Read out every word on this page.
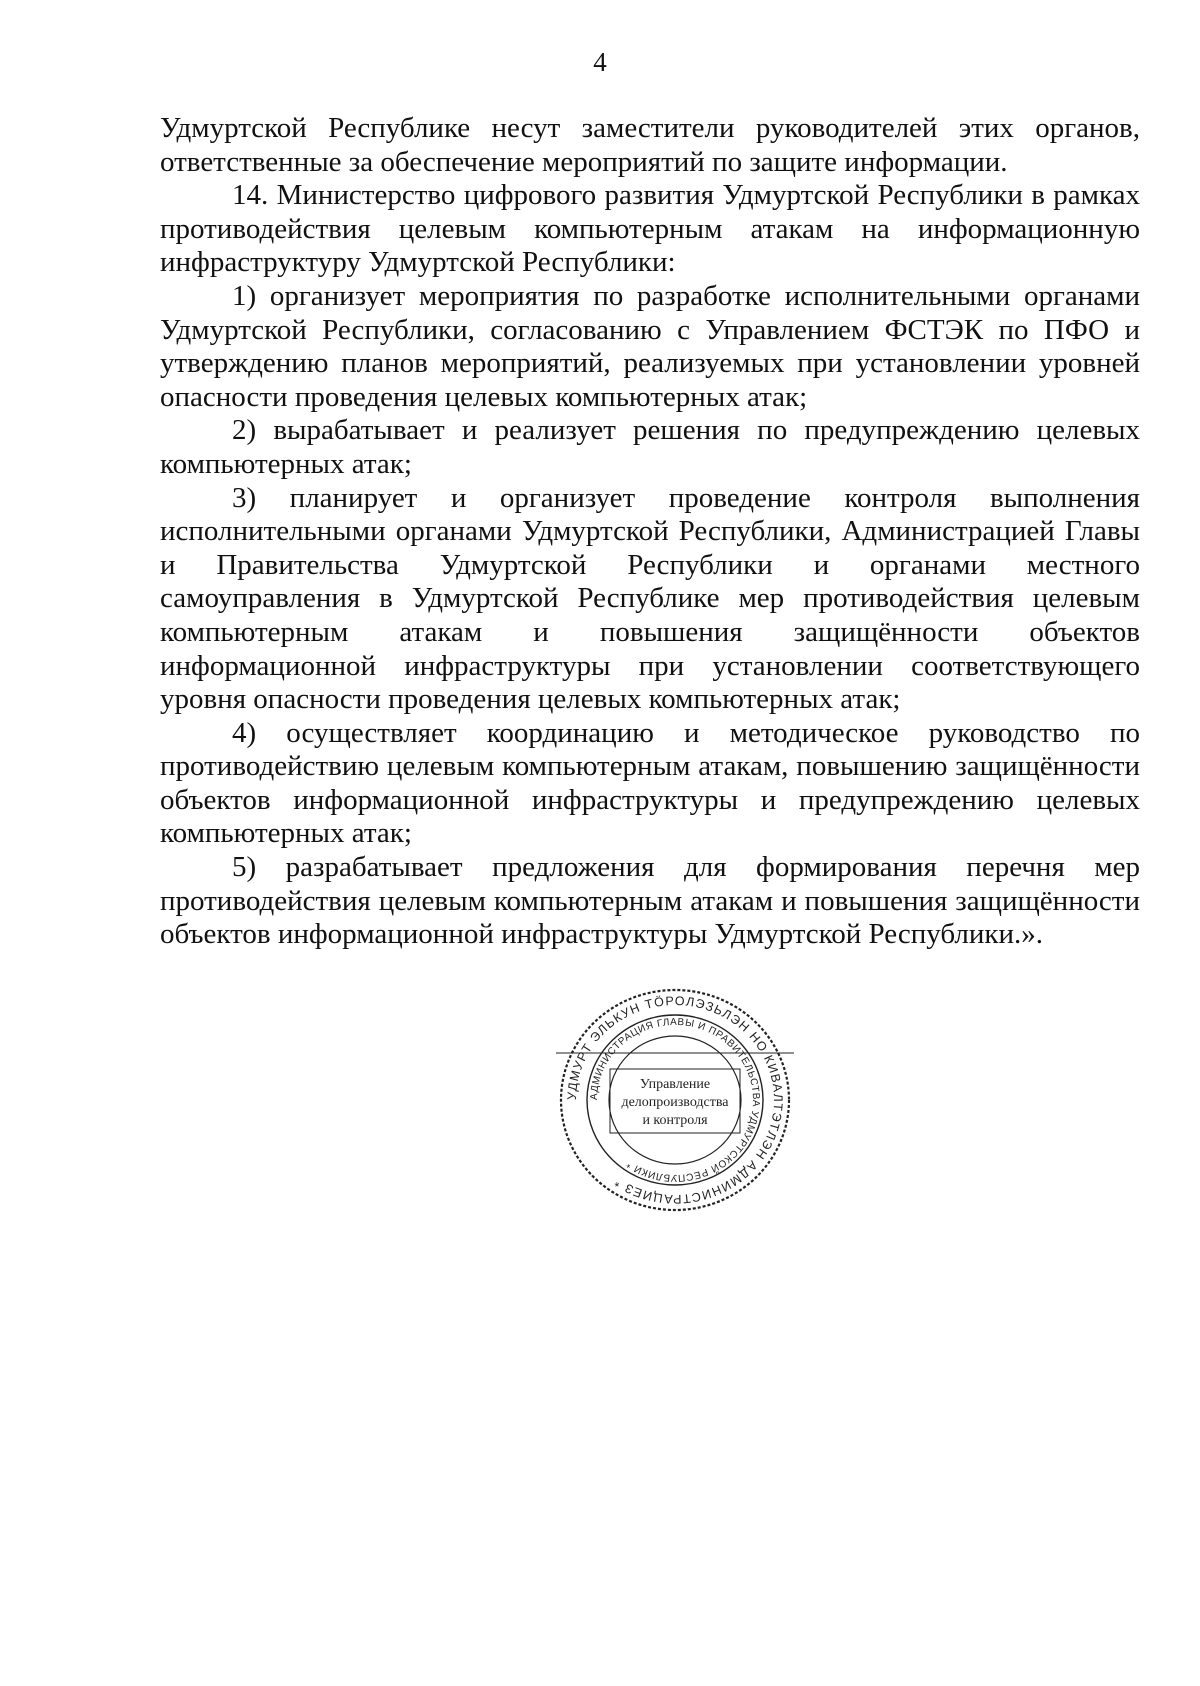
4

Удмуртской Республике несут заместители руководителей этих органов, ответственные за обеспечение мероприятий по защите информации.

14. Министерство цифрового развития Удмуртской Республики в рамках противодействия целевым компьютерным атакам на информационную инфраструктуру Удмуртской Республики:

1) организует мероприятия по разработке исполнительными органами Удмуртской Республики, согласованию с Управлением ФСТЭК по ПФО и утверждению планов мероприятий, реализуемых при установлении уровней опасности проведения целевых компьютерных атак;

2) вырабатывает и реализует решения по предупреждению целевых компьютерных атак;

3) планирует и организует проведение контроля выполнения исполнительными органами Удмуртской Республики, Администрацией Главы и Правительства Удмуртской Республики и органами местного самоуправления в Удмуртской Республике мер противодействия целевым компьютерным атакам и повышения защищённости объектов информационной инфраструктуры при установлении соответствующего уровня опасности проведения целевых компьютерных атак;

4) осуществляет координацию и методическое руководство по противодействию целевым компьютерным атакам, повышению защищённости объектов информационной инфраструктуры и предупреждению целевых компьютерных атак;

5) разрабатывает предложения для формирования перечня мер противодействия целевым компьютерным атакам и повышения защищённости объектов информационной инфраструктуры Удмуртской Республики.».

УДМУРТ ЭЛЬКУН ТӦРОЛЭЗЬЛЭН НО КИВАЛТЭТЛЭН АДМИНИСТРАЦИЕЗ *
АДМИНИСТРАЦИЯ ГЛАВЫ И ПРАВИТЕЛЬСТВА УДМУРТСКОЙ РЕСПУБЛИКИ *
Управление
делопроизводства
и контроля
